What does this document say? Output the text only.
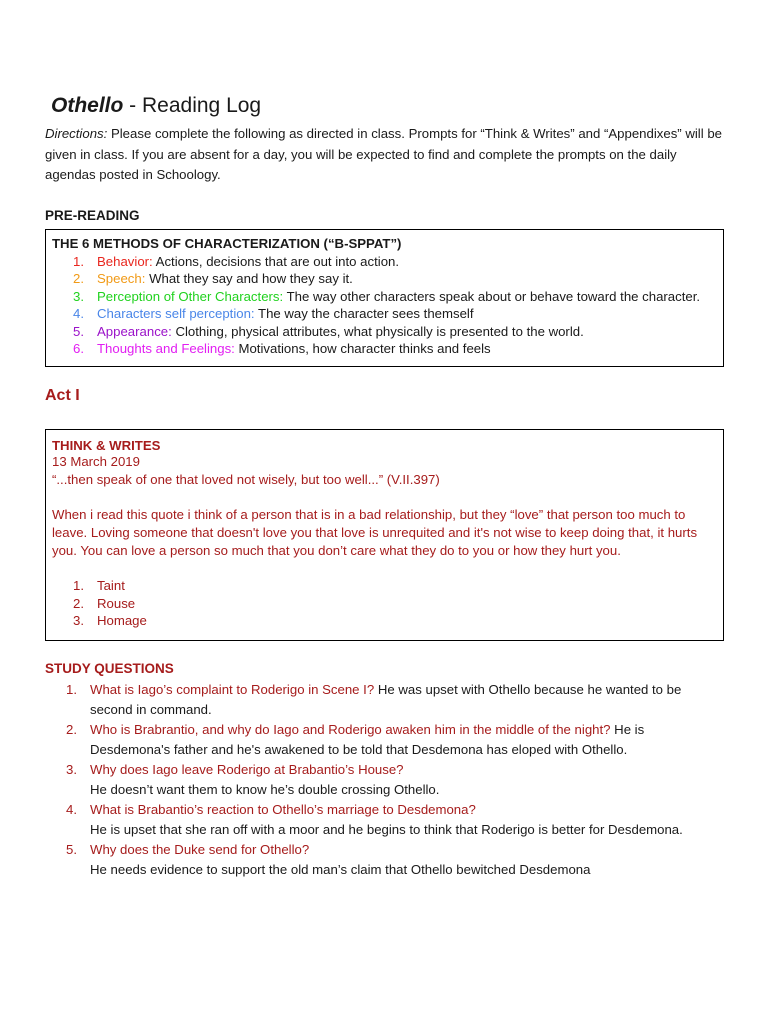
Othello - Reading Log

Directions: Please complete the following as directed in class. Prompts for “Think & Writes” and “Appendixes” will be given in class. If you are absent for a day, you will be expected to find and complete the prompts on the daily agendas posted in Schoology.

PRE-READING
THE 6 METHODS OF CHARACTERIZATION (“B-SPPAT”)
1. Behavior: Actions, decisions that are out into action.
2. Speech: What they say and how they say it.
3. Perception of Other Characters: The way other characters speak about or behave toward the character.
4. Characters self perception: The way the character sees themself
5. Appearance: Clothing, physical attributes, what physically is presented to the world.
6. Thoughts and Feelings: Motivations, how character thinks and feels
Act I
THINK & WRITES
13 March 2019
“...then speak of one that loved not wisely, but too well...” (V.II.397)
When i read this quote i think of a person that is in a bad relationship, but they “love” that person too much to leave. Loving someone that doesn't love you that love is unrequited and it's not wise to keep doing that, it hurts you. You can love a person so much that you don’t care what they do to you or how they hurt you.
1. Taint
2. Rouse
3. Homage
STUDY QUESTIONS
1. What is Iago’s complaint to Roderigo in Scene I? He was upset with Othello because he wanted to be second in command.
2. Who is Brabrantio, and why do Iago and Roderigo awaken him in the middle of the night? He is Desdemona's father and he's awakened to be told that Desdemona has eloped with Othello.
3. Why does Iago leave Roderigo at Brabantio’s House?
He doesn’t want them to know he’s double crossing Othello.
4. What is Brabantio’s reaction to Othello’s marriage to Desdemona?
He is upset that she ran off with a moor and he begins to think that Roderigo is better for Desdemona.
5. Why does the Duke send for Othello?
He needs evidence to support the old man’s claim that Othello bewitched Desdemona
